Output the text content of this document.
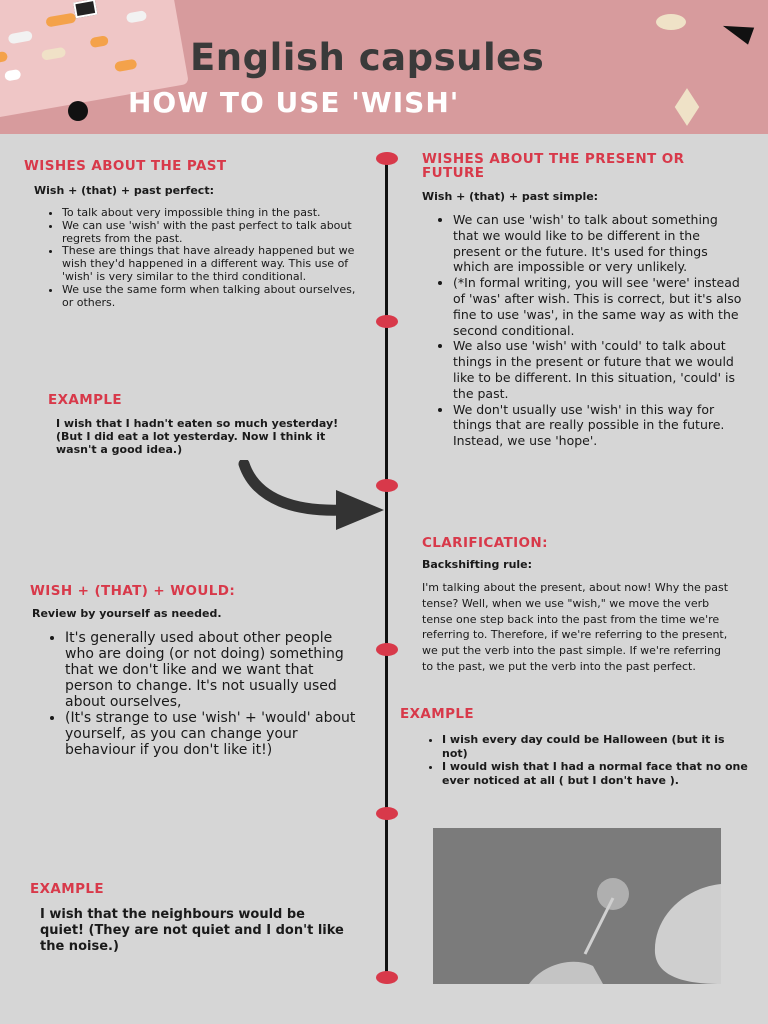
English capsules
HOW TO USE 'WISH'
WISHES ABOUT THE PAST
Wish + (that) + past perfect:
• To talk about very impossible thing in the past.
• We can use 'wish' with the past perfect to talk about regrets from the past.
• These are things that have already happened but we wish they'd happened in a different way. This use of 'wish' is very similar to the third conditional.
• We use the same form when talking about ourselves, or others.
EXAMPLE
I wish that I hadn't eaten so much yesterday! (But I did eat a lot yesterday. Now I think it wasn't a good idea.)
WISH + (THAT) + WOULD:
Review by yourself as needed.
• It's generally used about other people who are doing (or not doing) something that we don't like and we want that person to change. It's not usually used about ourselves,
• (It's strange to use 'wish' + 'would' about yourself, as you can change your behaviour if you don't like it!)
EXAMPLE
I wish that the neighbours would be quiet! (They are not quiet and I don't like the noise.)
WISHES ABOUT THE PRESENT OR FUTURE
Wish + (that) + past simple:
• We can use 'wish' to talk about something that we would like to be different in the present or the future. It's used for things which are impossible or very unlikely.
• (*In formal writing, you will see 'were' instead of 'was' after wish. This is correct, but it's also fine to use 'was', in the same way as with the second conditional.
• We also use 'wish' with 'could' to talk about things in the present or future that we would like to be different. In this situation, 'could' is the past.
• We don't usually use 'wish' in this way for things that are really possible in the future. Instead, we use 'hope'.
CLARIFICATION:
Backshifting rule:
I'm talking about the present, about now! Why the past tense? Well, when we use "wish," we move the verb tense one step back into the past from the time we're referring to. Therefore, if we're referring to the present, we put the verb into the past simple. If we're referring to the past, we put the verb into the past perfect.
EXAMPLE
• I wish every day could be Halloween (but it is not)
• I would wish that I had a normal face that no one ever noticed at all ( but I don't have ).
